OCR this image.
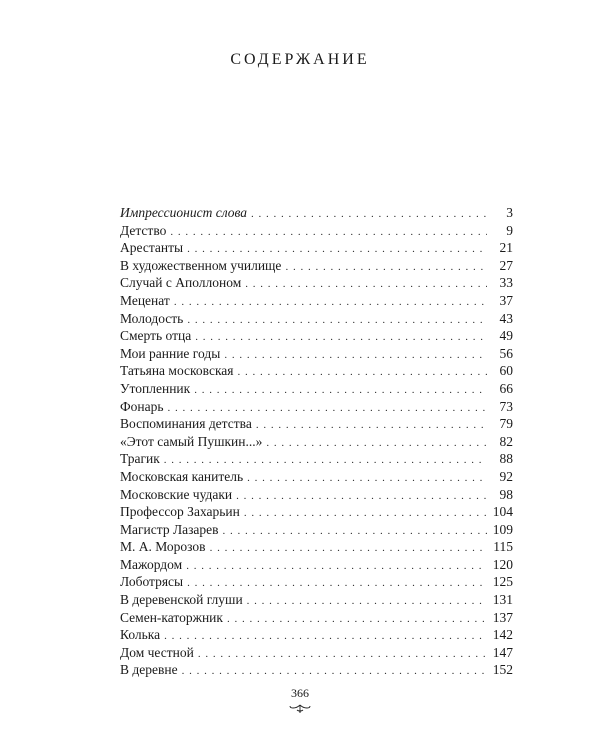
СОДЕРЖАНИЕ
Импрессионист слова . . .	3
Детство . . .	9
Арестанты . . .	21
В художественном училище . . .	27
Случай с Аполлоном . . .	33
Меценат . . .	37
Молодость . . .	43
Смерть отца . . .	49
Мои ранние годы . . .	56
Татьяна московская . . .	60
Утопленник . . .	66
Фонарь . . .	73
Воспоминания детства . . .	79
«Этот самый Пушкин...» . . .	82
Трагик . . .	88
Московская канитель . . .	92
Московские чудаки . . .	98
Профессор Захарьин . . .	104
Магистр Лазарев . . .	109
М. А. Морозов . . .	115
Мажордом . . .	120
Лоботрясы . . .	125
В деревенской глуши . . .	131
Семен-каторжник . . .	137
Колька . . .	142
Дом честной . . .	147
В деревне . . .	152
366
